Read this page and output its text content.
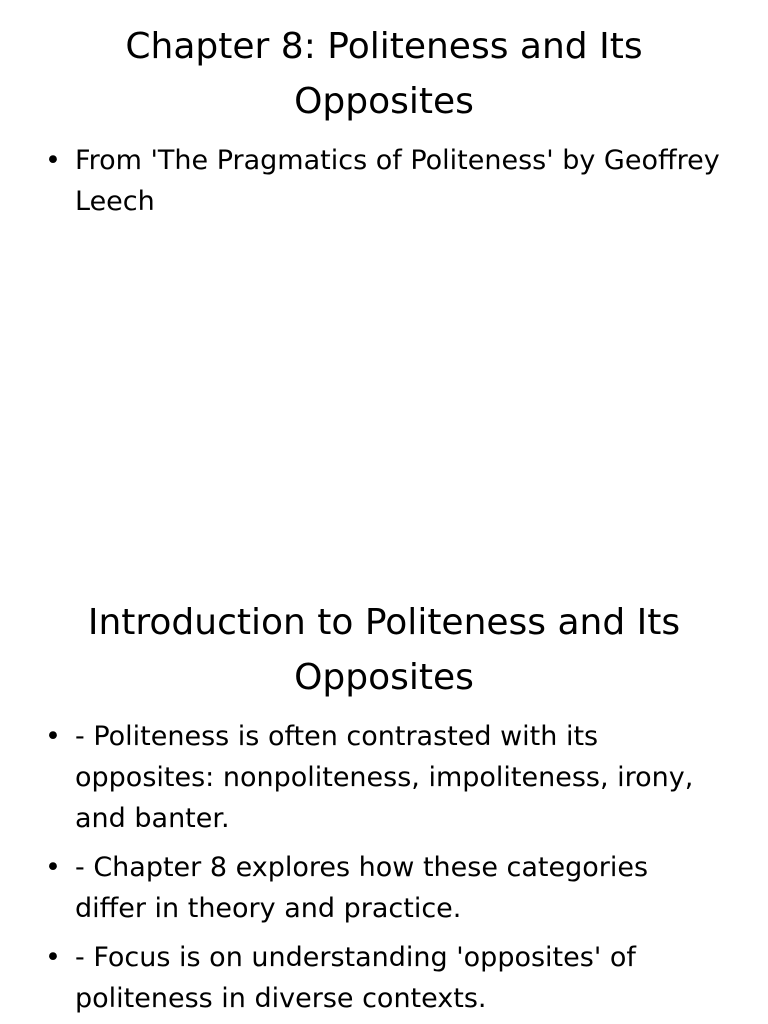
Chapter 8: Politeness and Its Opposites
• From 'The Pragmatics of Politeness' by Geoffrey Leech
Introduction to Politeness and Its Opposites
• - Politeness is often contrasted with its opposites: nonpoliteness, impoliteness, irony, and banter.
• - Chapter 8 explores how these categories differ in theory and practice.
• - Focus is on understanding 'opposites' of politeness in diverse contexts.
